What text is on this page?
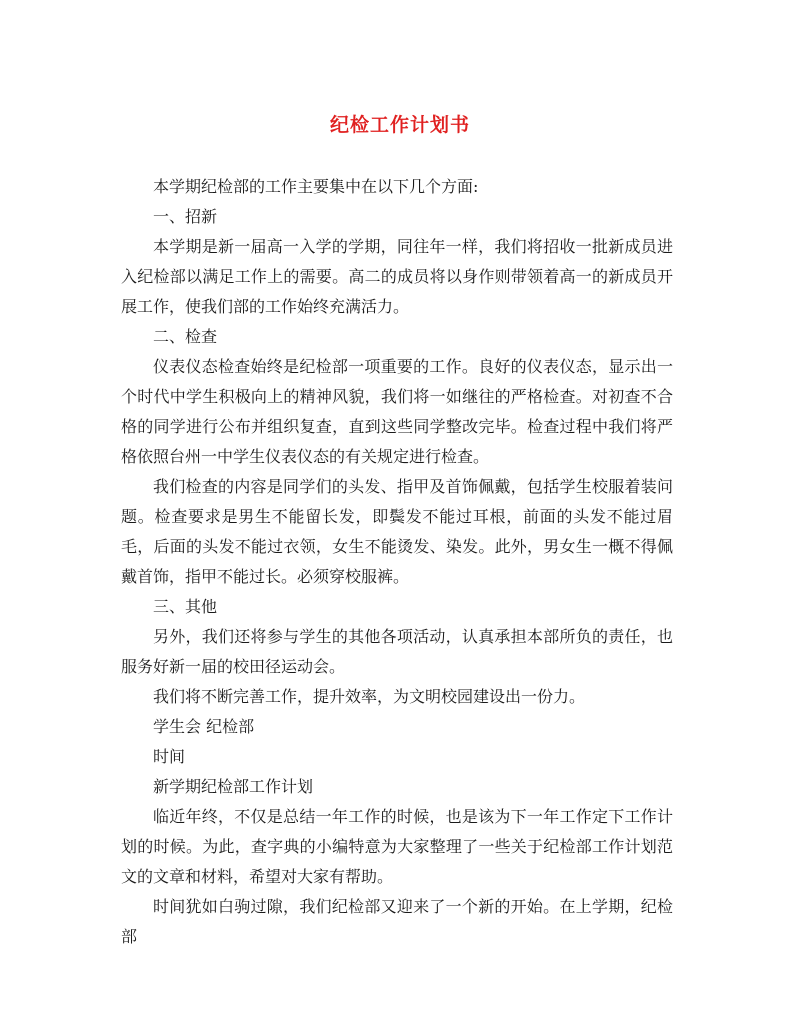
纪检工作计划书

本学期纪检部的工作主要集中在以下几个方面:

一、招新

本学期是新一届高一入学的学期，同往年一样，我们将招收一批新成员进入纪检部以满足工作上的需要。高二的成员将以身作则带领着高一的新成员开展工作，使我们部的工作始终充满活力。

二、检查

仪表仪态检查始终是纪检部一项重要的工作。良好的仪表仪态，显示出一个时代中学生积极向上的精神风貌，我们将一如继往的严格检查。对初查不合格的同学进行公布并组织复查，直到这些同学整改完毕。检查过程中我们将严格依照台州一中学生仪表仪态的有关规定进行检查。

我们检查的内容是同学们的头发、指甲及首饰佩戴，包括学生校服着装问题。检查要求是男生不能留长发，即鬓发不能过耳根，前面的头发不能过眉毛，后面的头发不能过衣领，女生不能烫发、染发。此外，男女生一概不得佩戴首饰，指甲不能过长。必须穿校服裤。

三、其他

另外，我们还将参与学生的其他各项活动，认真承担本部所负的责任，也服务好新一届的校田径运动会。

我们将不断完善工作，提升效率，为文明校园建设出一份力。

学生会 纪检部

时间

新学期纪检部工作计划

临近年终，不仅是总结一年工作的时候，也是该为下一年工作定下工作计划的时候。为此，查字典的小编特意为大家整理了一些关于纪检部工作计划范文的文章和材料，希望对大家有帮助。

时间犹如白驹过隙，我们纪检部又迎来了一个新的开始。在上学期，纪检部
